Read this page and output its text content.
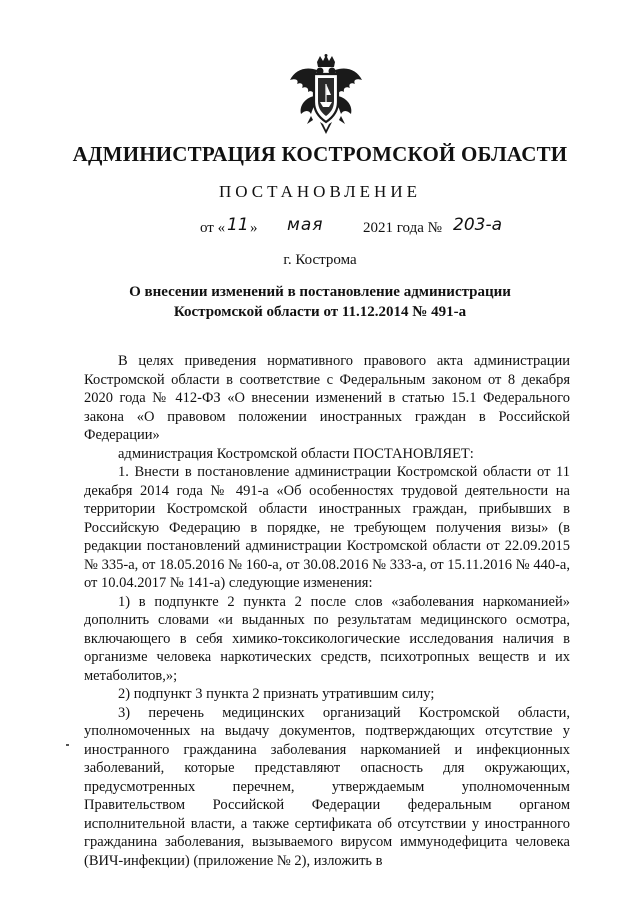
АДМИНИСТРАЦИЯ КОСТРОМСКОЙ ОБЛАСТИ
ПОСТАНОВЛЕНИЕ
от « 11 » мая	2021 года № 203-а
г. Кострома
О внесении изменений в постановление администрации
Костромской области от 11.12.2014 № 491-а

В целях приведения нормативного правового акта администрации Костромской области в соответствие с Федеральным законом от 8 декабря 2020 года № 412-ФЗ «О внесении изменений в статью 15.1 Федерального закона «О правовом положении иностранных граждан в Российской Федерации»

администрация Костромской области ПОСТАНОВЛЯЕТ:

1. Внести в постановление администрации Костромской области от 11 декабря 2014 года № 491-а «Об особенностях трудовой деятельности на территории Костромской области иностранных граждан, прибывших в Российскую Федерацию в порядке, не требующем получения визы» (в редакции постановлений администрации Костромской области от 22.09.2015 № 335-а, от 18.05.2016 № 160-а, от 30.08.2016 № 333-а, от 15.11.2016 № 440-а, от 10.04.2017 № 141-а) следующие изменения:

1) в подпункте 2 пункта 2 после слов «заболевания наркоманией» дополнить словами «и выданных по результатам медицинского осмотра, включающего в себя химико-токсикологические исследования наличия в организме человека наркотических средств, психотропных веществ и их метаболитов,»;

2) подпункт 3 пункта 2 признать утратившим силу;

3) перечень медицинских организаций Костромской области, уполномоченных на выдачу документов, подтверждающих отсутствие у иностранного гражданина заболевания наркоманией и инфекционных заболеваний, которые представляют опасность для окружающих, предусмотренных перечнем, утверждаемым уполномоченным Правительством Российской Федерации федеральным органом исполнительной власти, а также сертификата об отсутствии у иностранного гражданина заболевания, вызываемого вирусом иммунодефицита человека (ВИЧ-инфекции) (приложение № 2), изложить в
